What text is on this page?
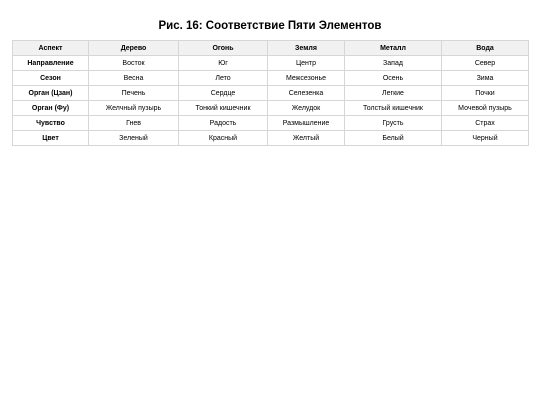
Рис. 16: Соответствие Пяти Элементов
Аспект	Дерево	Огонь	Земля	Металл	Вода
Направление	Восток	Юг	Центр	Запад	Север
Сезон	Весна	Лето	Межсезонье	Осень	Зима
Орган (Цзан)	Печень	Сердце	Селезенка	Легкие	Почки
Орган (Фу)	Желчный пузырь	Тонкий кишечник	Желудок	Толстый кишечник	Мочевой пузырь
Чувство	Гнев	Радость	Размышление	Грусть	Страх
Цвет	Зеленый	Красный	Желтый	Белый	Черный
